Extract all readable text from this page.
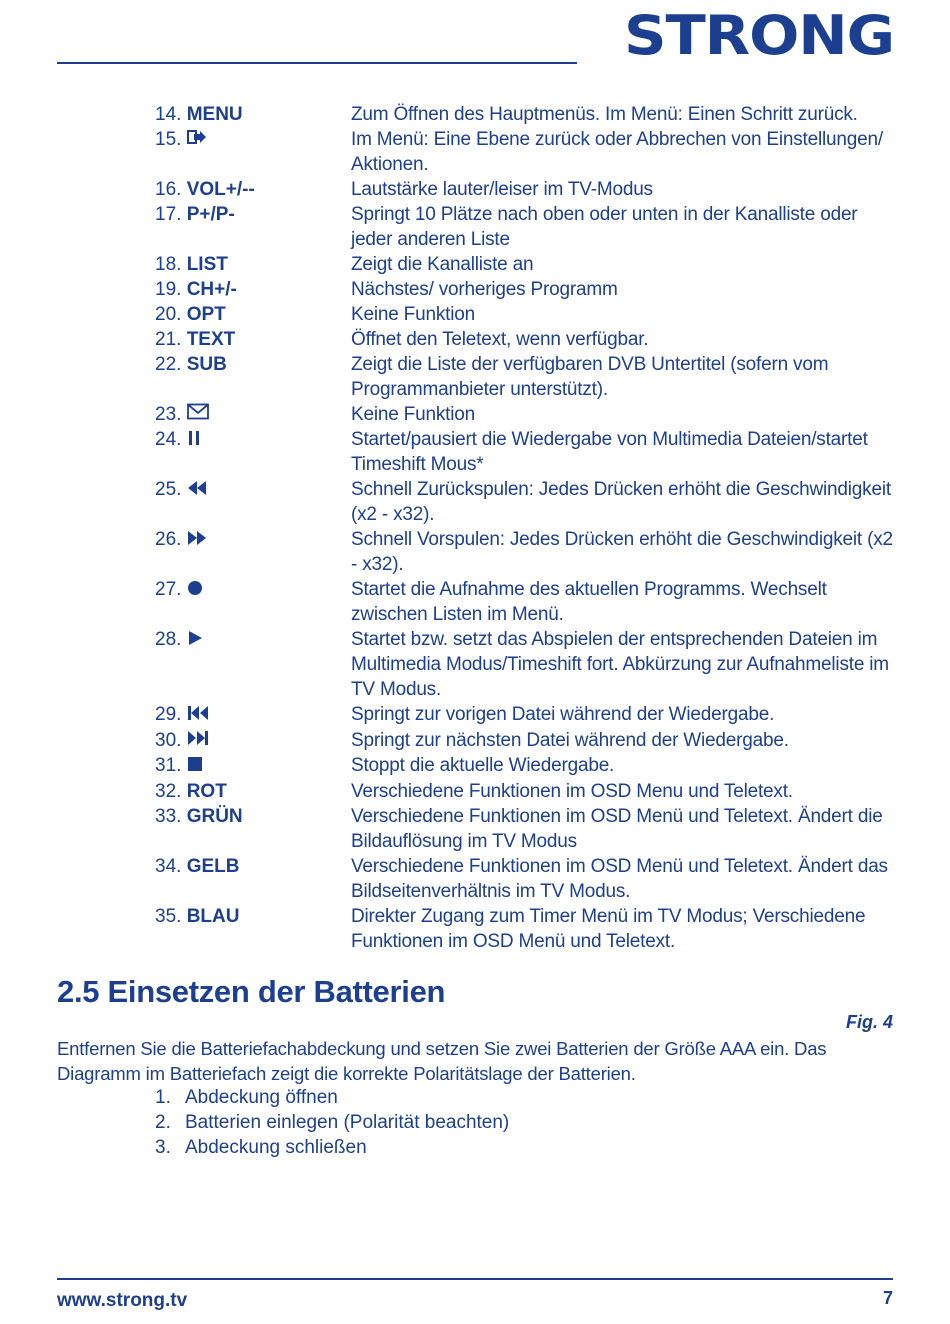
STRONG
14. MENU	Zum Öffnen des Hauptmenüs. Im Menü: Einen Schritt zurück.
15.	Im Menü: Eine Ebene zurück oder Abbrechen von Einstellungen/ Aktionen.
16. VOL+/--	Lautstärke lauter/leiser im TV-Modus
17. P+/P-	Springt 10 Plätze nach oben oder unten in der Kanalliste oder jeder anderen Liste
18. LIST	Zeigt die Kanalliste an
19. CH+/-	Nächstes/ vorheriges Programm
20. OPT	Keine Funktion
21. TEXT	Öffnet den Teletext, wenn verfügbar.
22. SUB	Zeigt die Liste der verfügbaren DVB Untertitel (sofern vom Programmanbieter unterstützt).
23.	Keine Funktion
24.	Startet/pausiert die Wiedergabe von Multimedia Dateien/startet Timeshift Mous*
25.	Schnell Zurückspulen: Jedes Drücken erhöht die Geschwindigkeit (x2 - x32).
26.	Schnell Vorspulen: Jedes Drücken erhöht die Geschwindigkeit (x2 - x32).
27.	Startet die Aufnahme des aktuellen Programms. Wechselt zwischen Listen im Menü.
28.	Startet bzw. setzt das Abspielen der entsprechenden Dateien im Multimedia Modus/Timeshift fort. Abkürzung zur Aufnahmeliste im TV Modus.
29.	Springt zur vorigen Datei während der Wiedergabe.
30.	Springt zur nächsten Datei während der Wiedergabe.
31.	Stoppt die aktuelle Wiedergabe.
32. ROT	Verschiedene Funktionen im OSD Menu und Teletext.
33. GRÜN	Verschiedene Funktionen im OSD Menü und Teletext. Ändert die Bildauflösung im TV Modus
34. GELB	Verschiedene Funktionen im OSD Menü und Teletext. Ändert das Bildseitenverhältnis im TV Modus.
35. BLAU	Direkter Zugang zum Timer Menü im TV Modus; Verschiedene Funktionen im OSD Menü und Teletext.
2.5 Einsetzen der Batterien
Fig. 4

Entfernen Sie die Batteriefachabdeckung und setzen Sie zwei Batterien der Größe AAA ein. Das Diagramm im Batteriefach zeigt die korrekte Polaritätslage der Batterien.

1. Abdeckung öffnen
2. Batterien einlegen (Polarität beachten)
3. Abdeckung schließen
www.strong.tv	7
